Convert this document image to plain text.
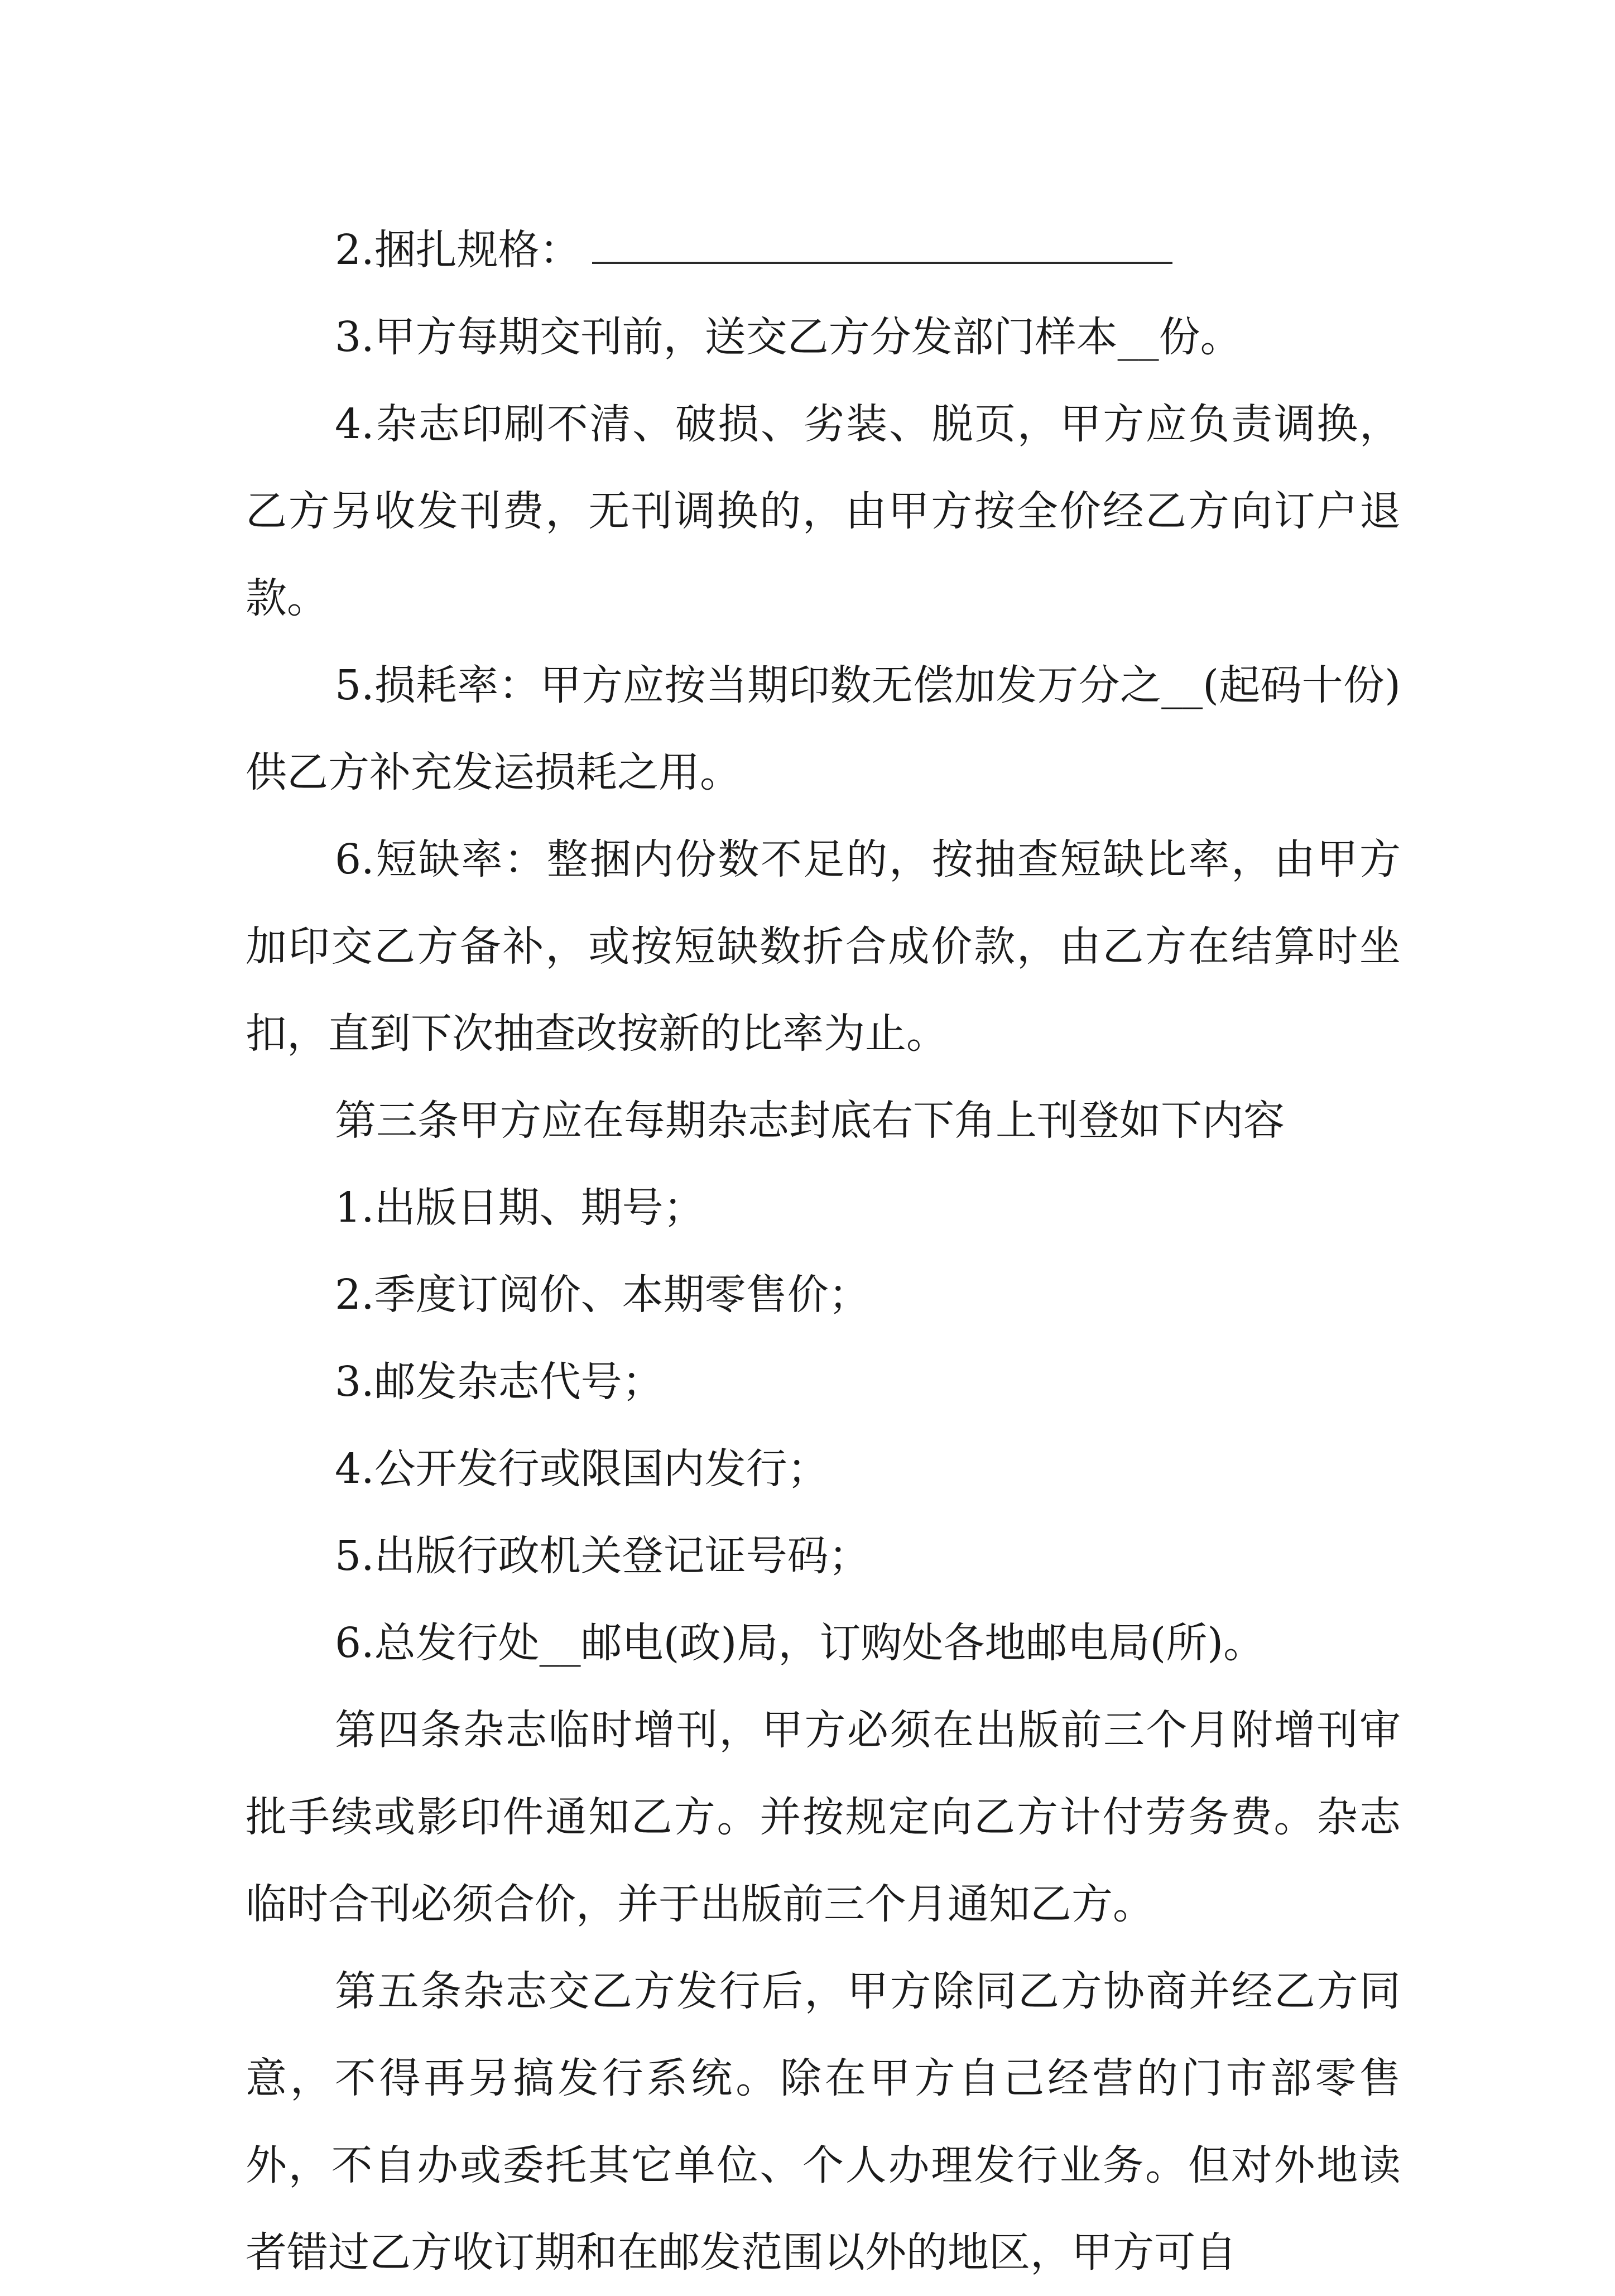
2.捆扎规格：

3.甲方每期交刊前，送交乙方分发部门样本__份。

4.杂志印刷不清、破损、劣装、脱页，甲方应负责调换，乙方另收发刊费，无刊调换的，由甲方按全价经乙方向订户退款。

5.损耗率：甲方应按当期印数无偿加发万分之__(起码十份)供乙方补充发运损耗之用。

6.短缺率：整捆内份数不足的，按抽查短缺比率，由甲方加印交乙方备补，或按短缺数折合成价款，由乙方在结算时坐扣，直到下次抽查改按新的比率为止。

第三条甲方应在每期杂志封底右下角上刊登如下内容

1.出版日期、期号；

2.季度订阅价、本期零售价；

3.邮发杂志代号；

4.公开发行或限国内发行；

5.出版行政机关登记证号码；

6.总发行处__邮电(政)局，订购处各地邮电局(所)。

第四条杂志临时增刊，甲方必须在出版前三个月附增刊审批手续或影印件通知乙方。并按规定向乙方计付劳务费。杂志临时合刊必须合价，并于出版前三个月通知乙方。

第五条杂志交乙方发行后，甲方除同乙方协商并经乙方同意，不得再另搞发行系统。除在甲方自己经营的门市部零售外，不自办或委托其它单位、个人办理发行业务。但对外地读者错过乙方收订期和在邮发范围以外的地区，甲方可自
